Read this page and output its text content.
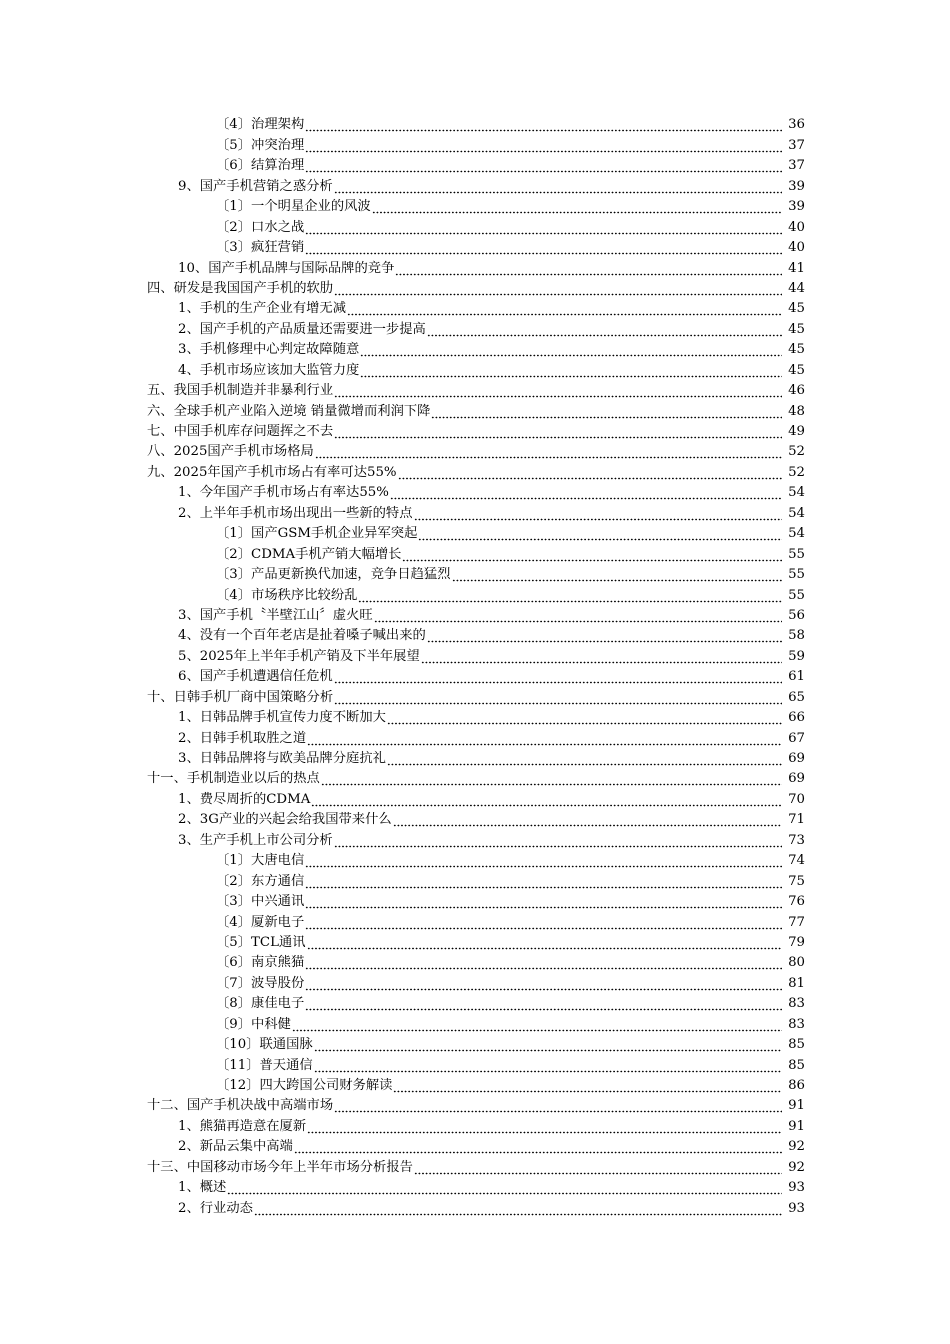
〔4〕治理架构	36
〔5〕冲突治理	37
〔6〕结算治理	37
9、国产手机营销之惑分析	39
〔1〕一个明星企业的风波	39
〔2〕口水之战	40
〔3〕疯狂营销	40
10、国产手机品牌与国际品牌的竞争	41
四、研发是我国国产手机的软肋	44
1、手机的生产企业有增无减	45
2、国产手机的产品质量还需要进一步提高	45
3、手机修理中心判定故障随意	45
4、手机市场应该加大监管力度	45
五、我国手机制造并非暴利行业	46
六、全球手机产业陷入逆境 销量微增而利润下降	48
七、中国手机库存问题挥之不去	49
八、2025国产手机市场格局	52
九、2025年国产手机市场占有率可达55%	52
1、今年国产手机市场占有率达55%	54
2、上半年手机市场出现出一些新的特点	54
〔1〕国产GSM手机企业异军突起	54
〔2〕CDMA手机产销大幅增长	55
〔3〕产品更新换代加速，竞争日趋猛烈	55
〔4〕市场秩序比较纷乱	55
3、国产手机〝半壁江山〞虚火旺	56
4、没有一个百年老店是扯着嗓子喊出来的	58
5、2025年上半年手机产销及下半年展望	59
6、国产手机遭遇信任危机	61
十、日韩手机厂商中国策略分析	65
1、日韩品牌手机宣传力度不断加大	66
2、日韩手机取胜之道	67
3、日韩品牌将与欧美品牌分庭抗礼	69
十一、手机制造业以后的热点	69
1、费尽周折的CDMA	70
2、3G产业的兴起会给我国带来什么	71
3、生产手机上市公司分析	73
〔1〕大唐电信	74
〔2〕东方通信	75
〔3〕中兴通讯	76
〔4〕厦新电子	77
〔5〕TCL通讯	79
〔6〕南京熊猫	80
〔7〕波导股份	81
〔8〕康佳电子	83
〔9〕中科健	83
〔10〕联通国脉	85
〔11〕普天通信	85
〔12〕四大跨国公司财务解读	86
十二、国产手机决战中高端市场	91
1、熊猫再造意在厦新	91
2、新品云集中高端	92
十三、中国移动市场今年上半年市场分析报告	92
1、概述	93
2、行业动态	93
